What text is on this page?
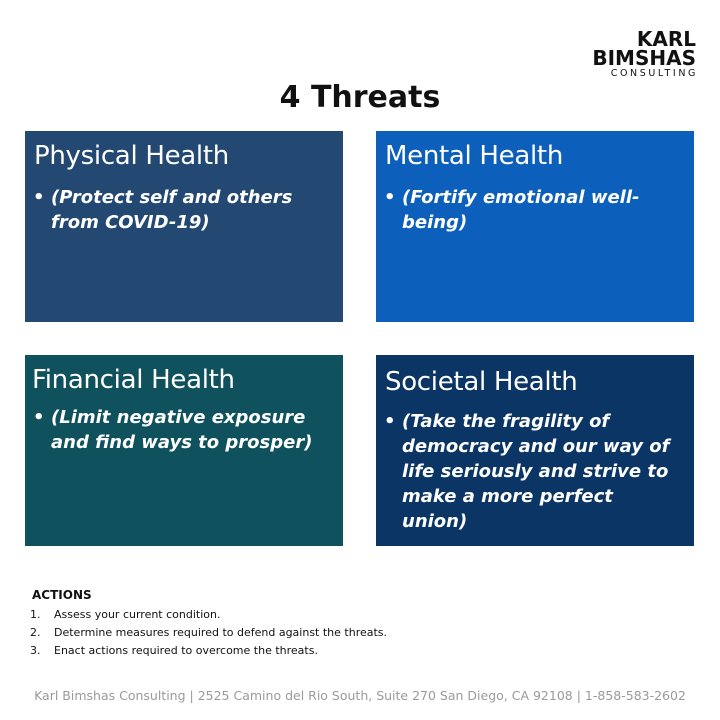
KARL
BIMSHAS
CONSULTING
4 Threats
Physical Health
• (Protect self and others from COVID-19)
Mental Health
• (Fortify emotional well-being)
Financial Health
• (Limit negative exposure and find ways to prosper)
Societal Health
• (Take the fragility of democracy and our way of life seriously and strive to make a more perfect union)
ACTIONS
1. Assess your current condition.
2. Determine measures required to defend against the threats.
3. Enact actions required to overcome the threats.
Karl Bimshas Consulting | 2525 Camino del Rio South, Suite 270 San Diego, CA 92108 | 1-858-583-2602
